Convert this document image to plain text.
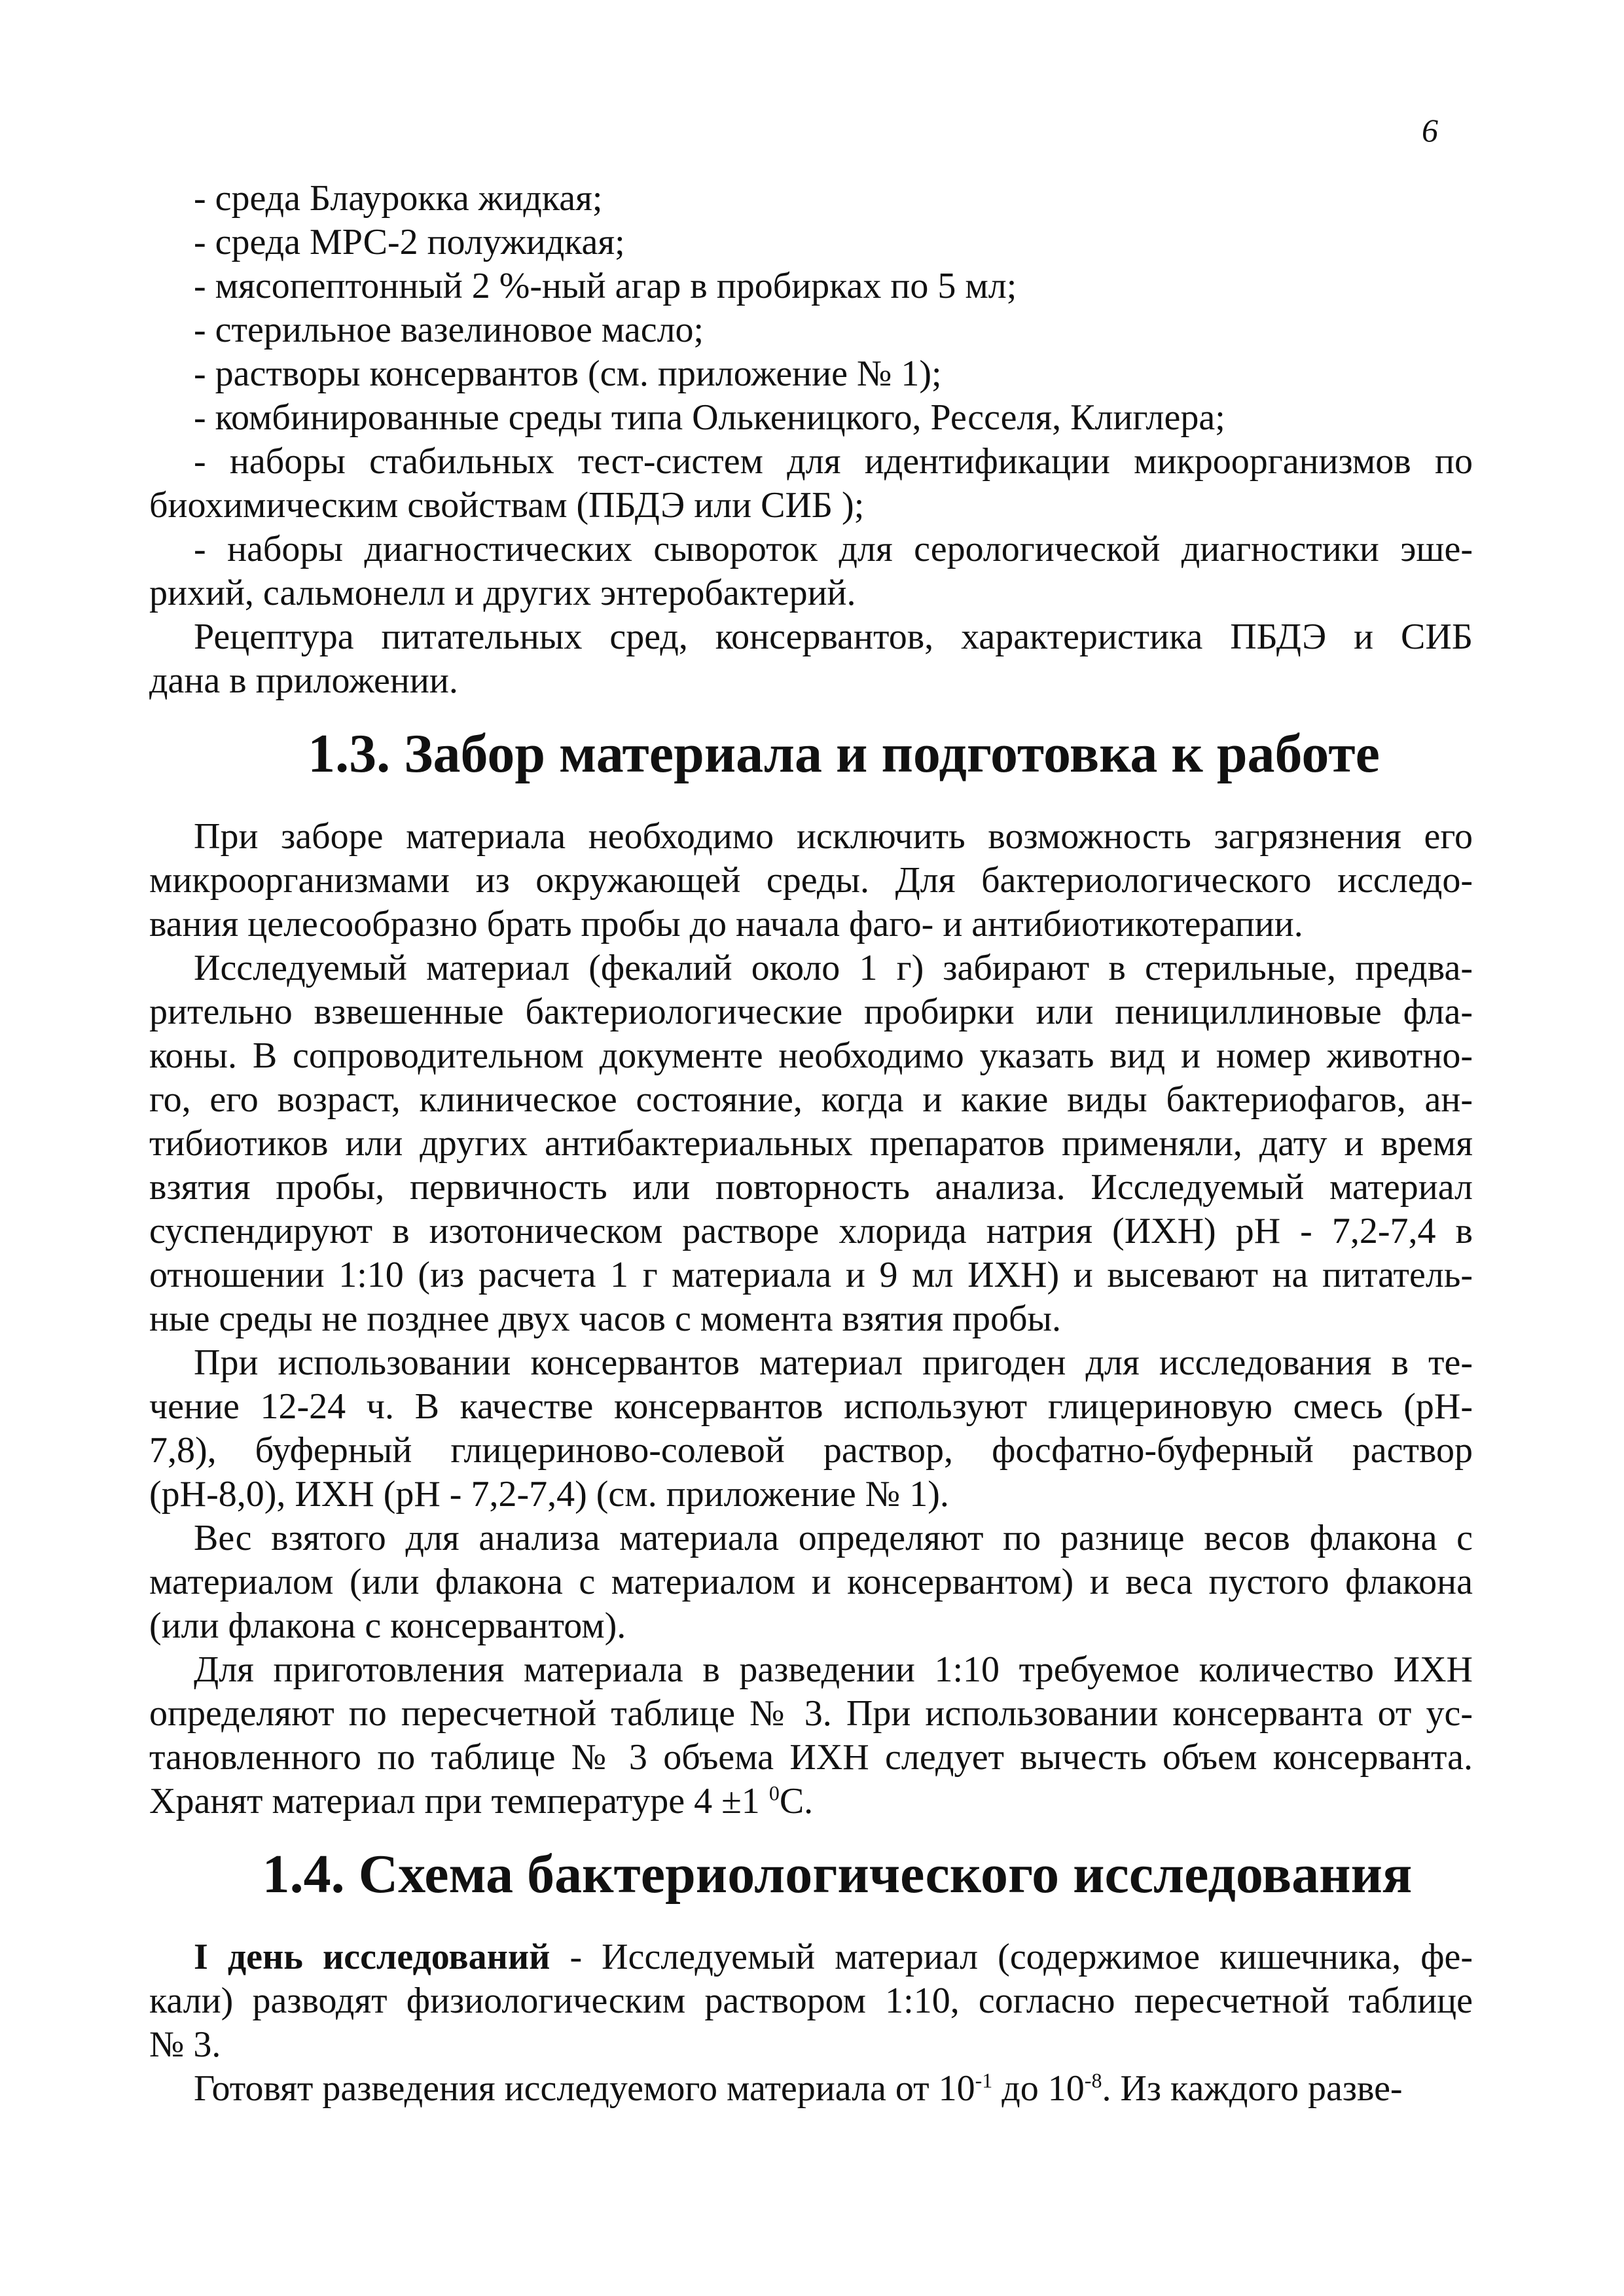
6
- среда Блаурокка жидкая;
- среда МРС-2 полужидкая;
- мясопептонный 2 %-ный агар в пробирках по 5 мл;
- стерильное вазелиновое масло;
- растворы консервантов (см. приложение № 1);
- комбинированные среды типа Олькеницкого, Ресселя, Клиглера;
- наборы стабильных тест-систем для идентификации микроорганизмов по
биохимическим свойствам (ПБДЭ или СИБ );
- наборы диагностических сывороток для серологической диагностики эше-
рихий, сальмонелл и других энтеробактерий.
Рецептура питательных сред, консервантов, характеристика ПБДЭ и СИБ
дана в приложении.
1.3. Забор материала и подготовка к работе
При заборе материала необходимо исключить возможность загрязнения его
микроорганизмами из окружающей среды. Для бактериологического исследо-
вания целесообразно брать пробы до начала фаго- и антибиотикотерапии.
Исследуемый материал (фекалий около 1 г) забирают в стерильные, предва-
рительно взвешенные бактериологические пробирки или пенициллиновые фла-
коны. В сопроводительном документе необходимо указать вид и номер животно-
го, его возраст, клиническое состояние, когда и какие виды бактериофагов, ан-
тибиотиков или других антибактериальных препаратов применяли, дату и время
взятия пробы, первичность или повторность анализа. Исследуемый материал
суспендируют в изотоническом растворе хлорида натрия (ИХН) рН - 7,2-7,4 в
отношении 1:10 (из расчета 1 г материала и 9 мл ИХН) и высевают на питатель-
ные среды не позднее двух часов с момента взятия пробы.
При использовании консервантов материал пригоден для исследования в те-
чение 12-24 ч. В качестве консервантов используют глицериновую смесь (рН-
7,8), буферный глицериново-солевой раствор, фосфатно-буферный раствор
(рН-8,0), ИХН (рН - 7,2-7,4) (см. приложение № 1).
Вес взятого для анализа материала определяют по разнице весов флакона с
материалом (или флакона с материалом и консервантом) и веса пустого флакона
(или флакона с консервантом).
Для приготовления материала в разведении 1:10 требуемое количество ИХН
определяют по пересчетной таблице № 3. При использовании консерванта от ус-
тановленного по таблице № 3 объема ИХН следует вычесть объем консерванта.
Хранят материал при температуре 4 ±1 $^0$С.
1.4. Схема бактериологического исследования
I день исследований - Исследуемый материал (содержимое кишечника, фе-
кали) разводят физиологическим раствором 1:10, согласно пересчетной таблице
№ 3.
Готовят разведения исследуемого материала от $10^{-1}$ до $10^{-8}$. Из каждого разве-
